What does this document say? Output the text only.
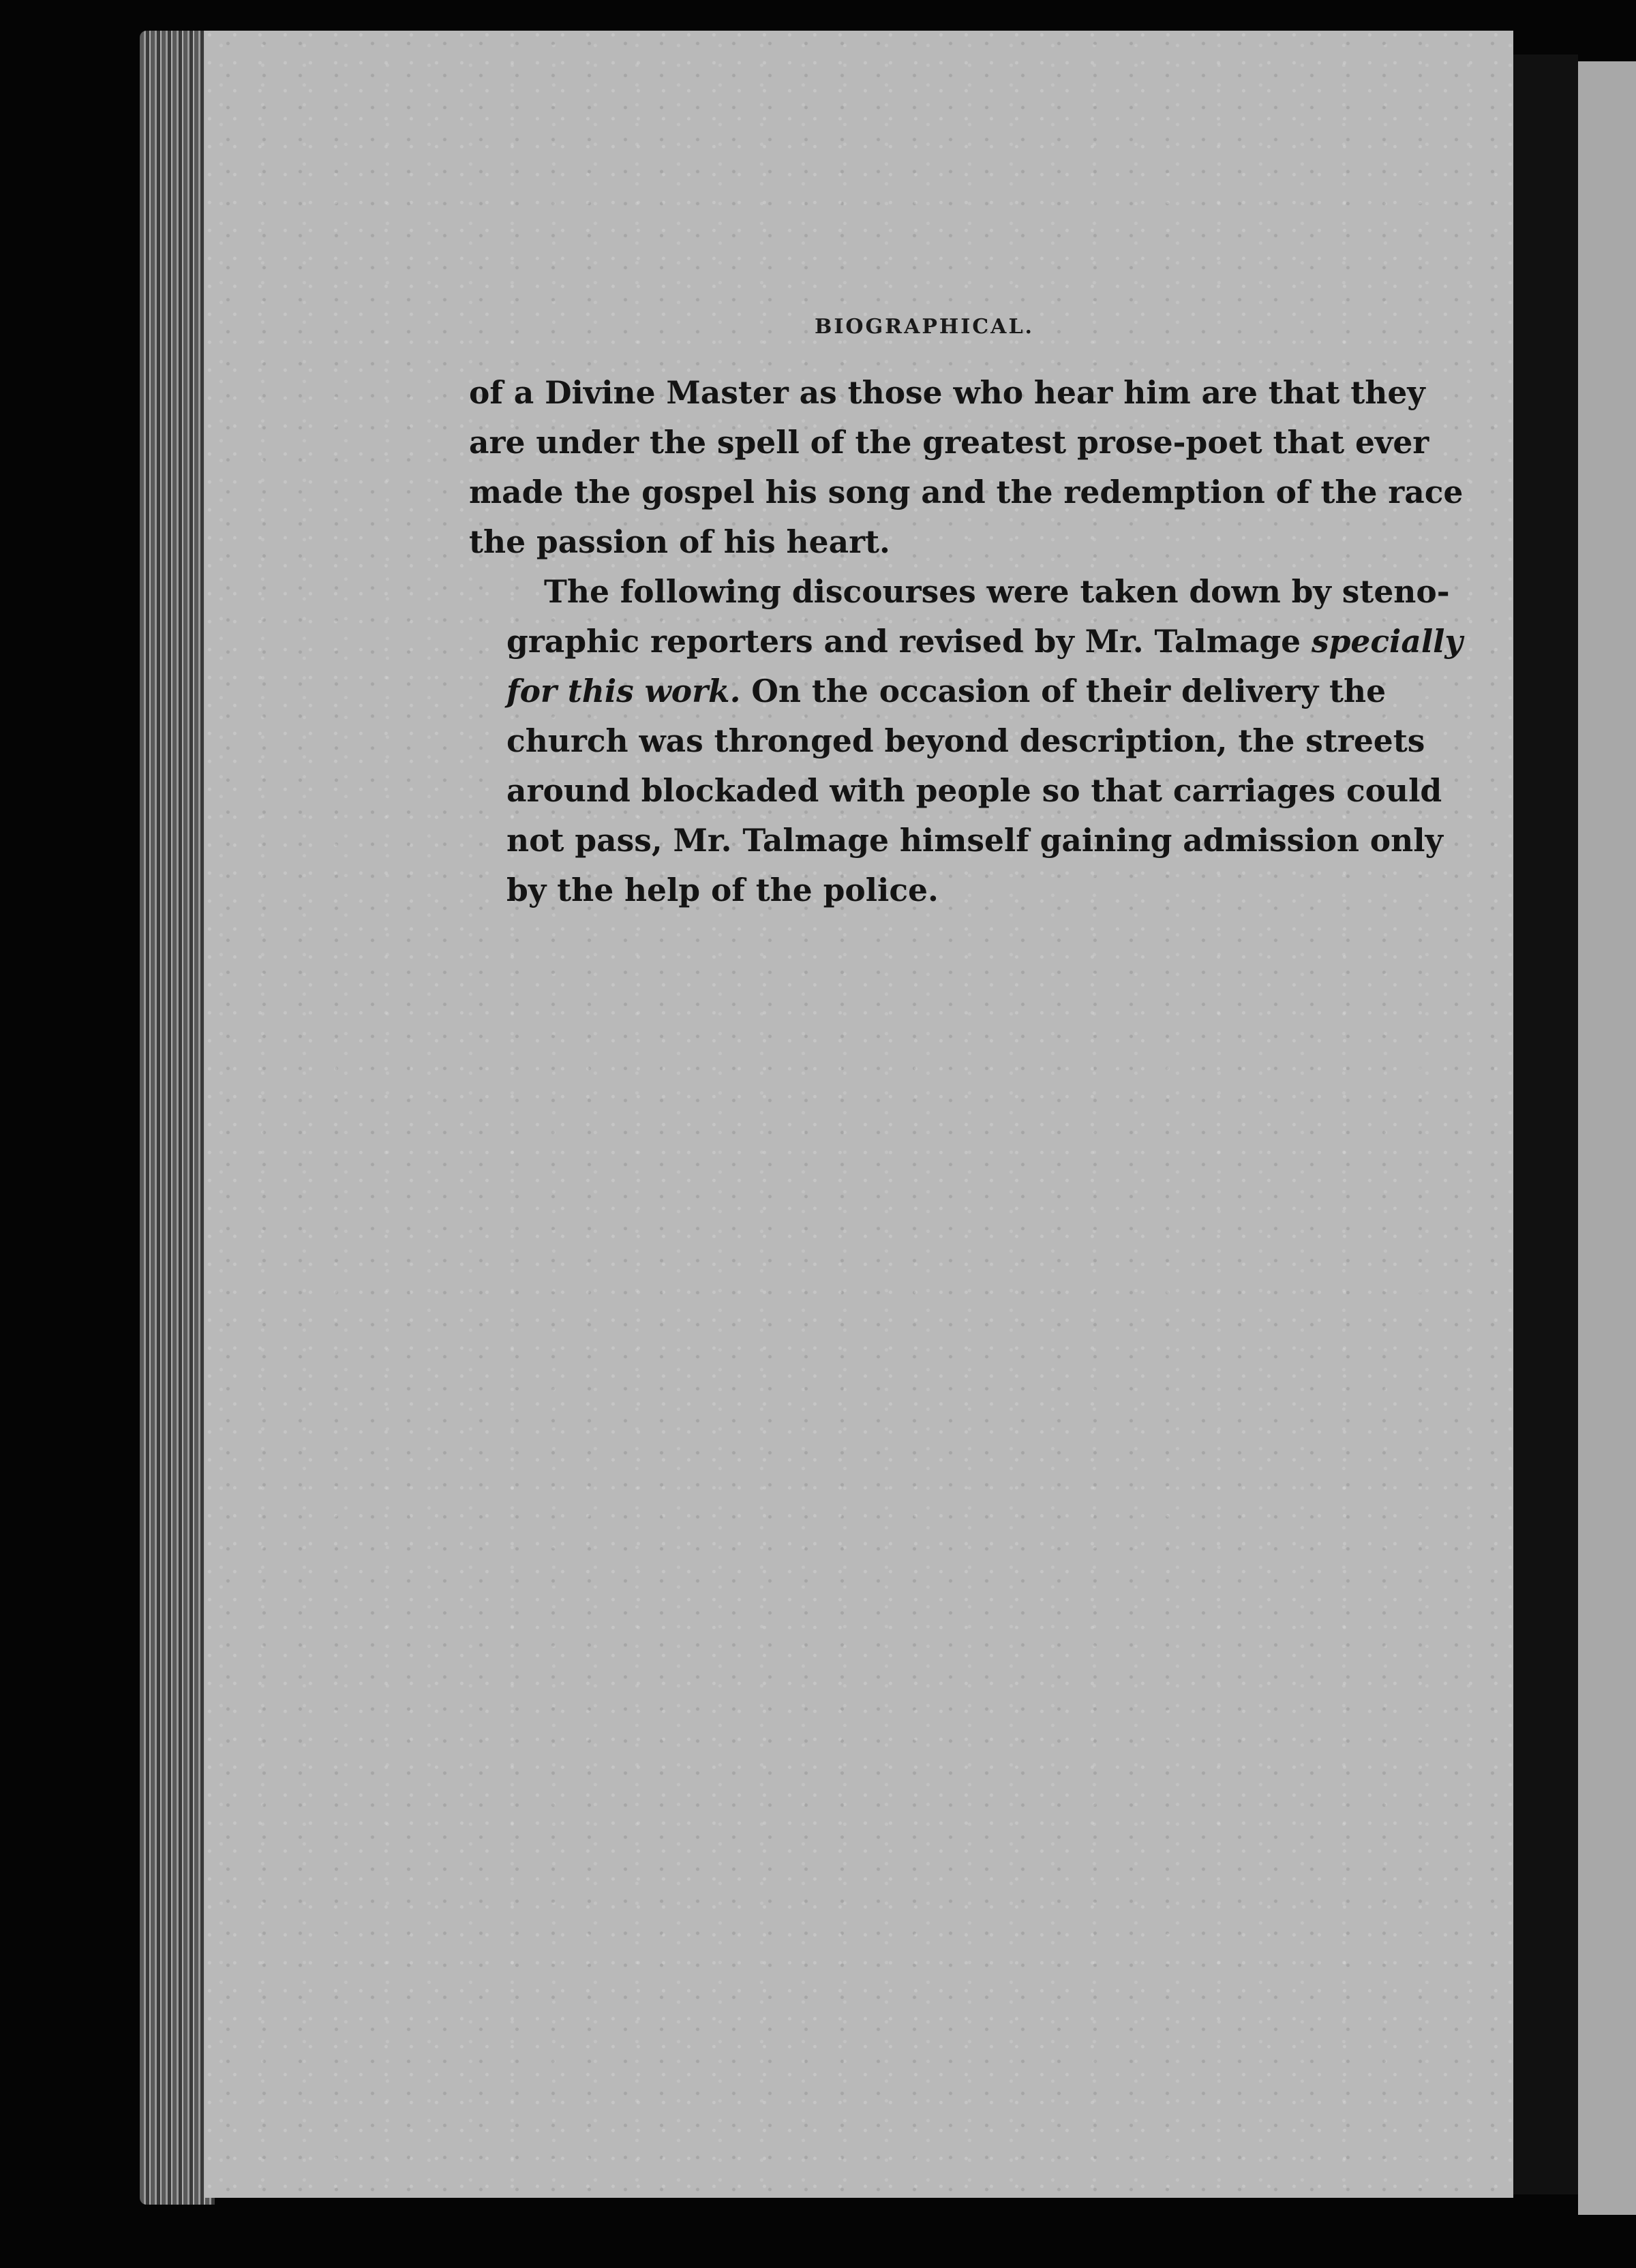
BIOGRAPHICAL.

of a Divine Master as those who hear him are that they
are under the spell of the greatest prose-poet that ever
made the gospel his song and the redemption of the race
the passion of his heart.

The following discourses were taken down by steno-
graphic reporters and revised by Mr. Talmage specially
for this work. On the occasion of their delivery the
church was thronged beyond description, the streets
around blockaded with people so that carriages could
not pass, Mr. Talmage himself gaining admission only
by the help of the police.
